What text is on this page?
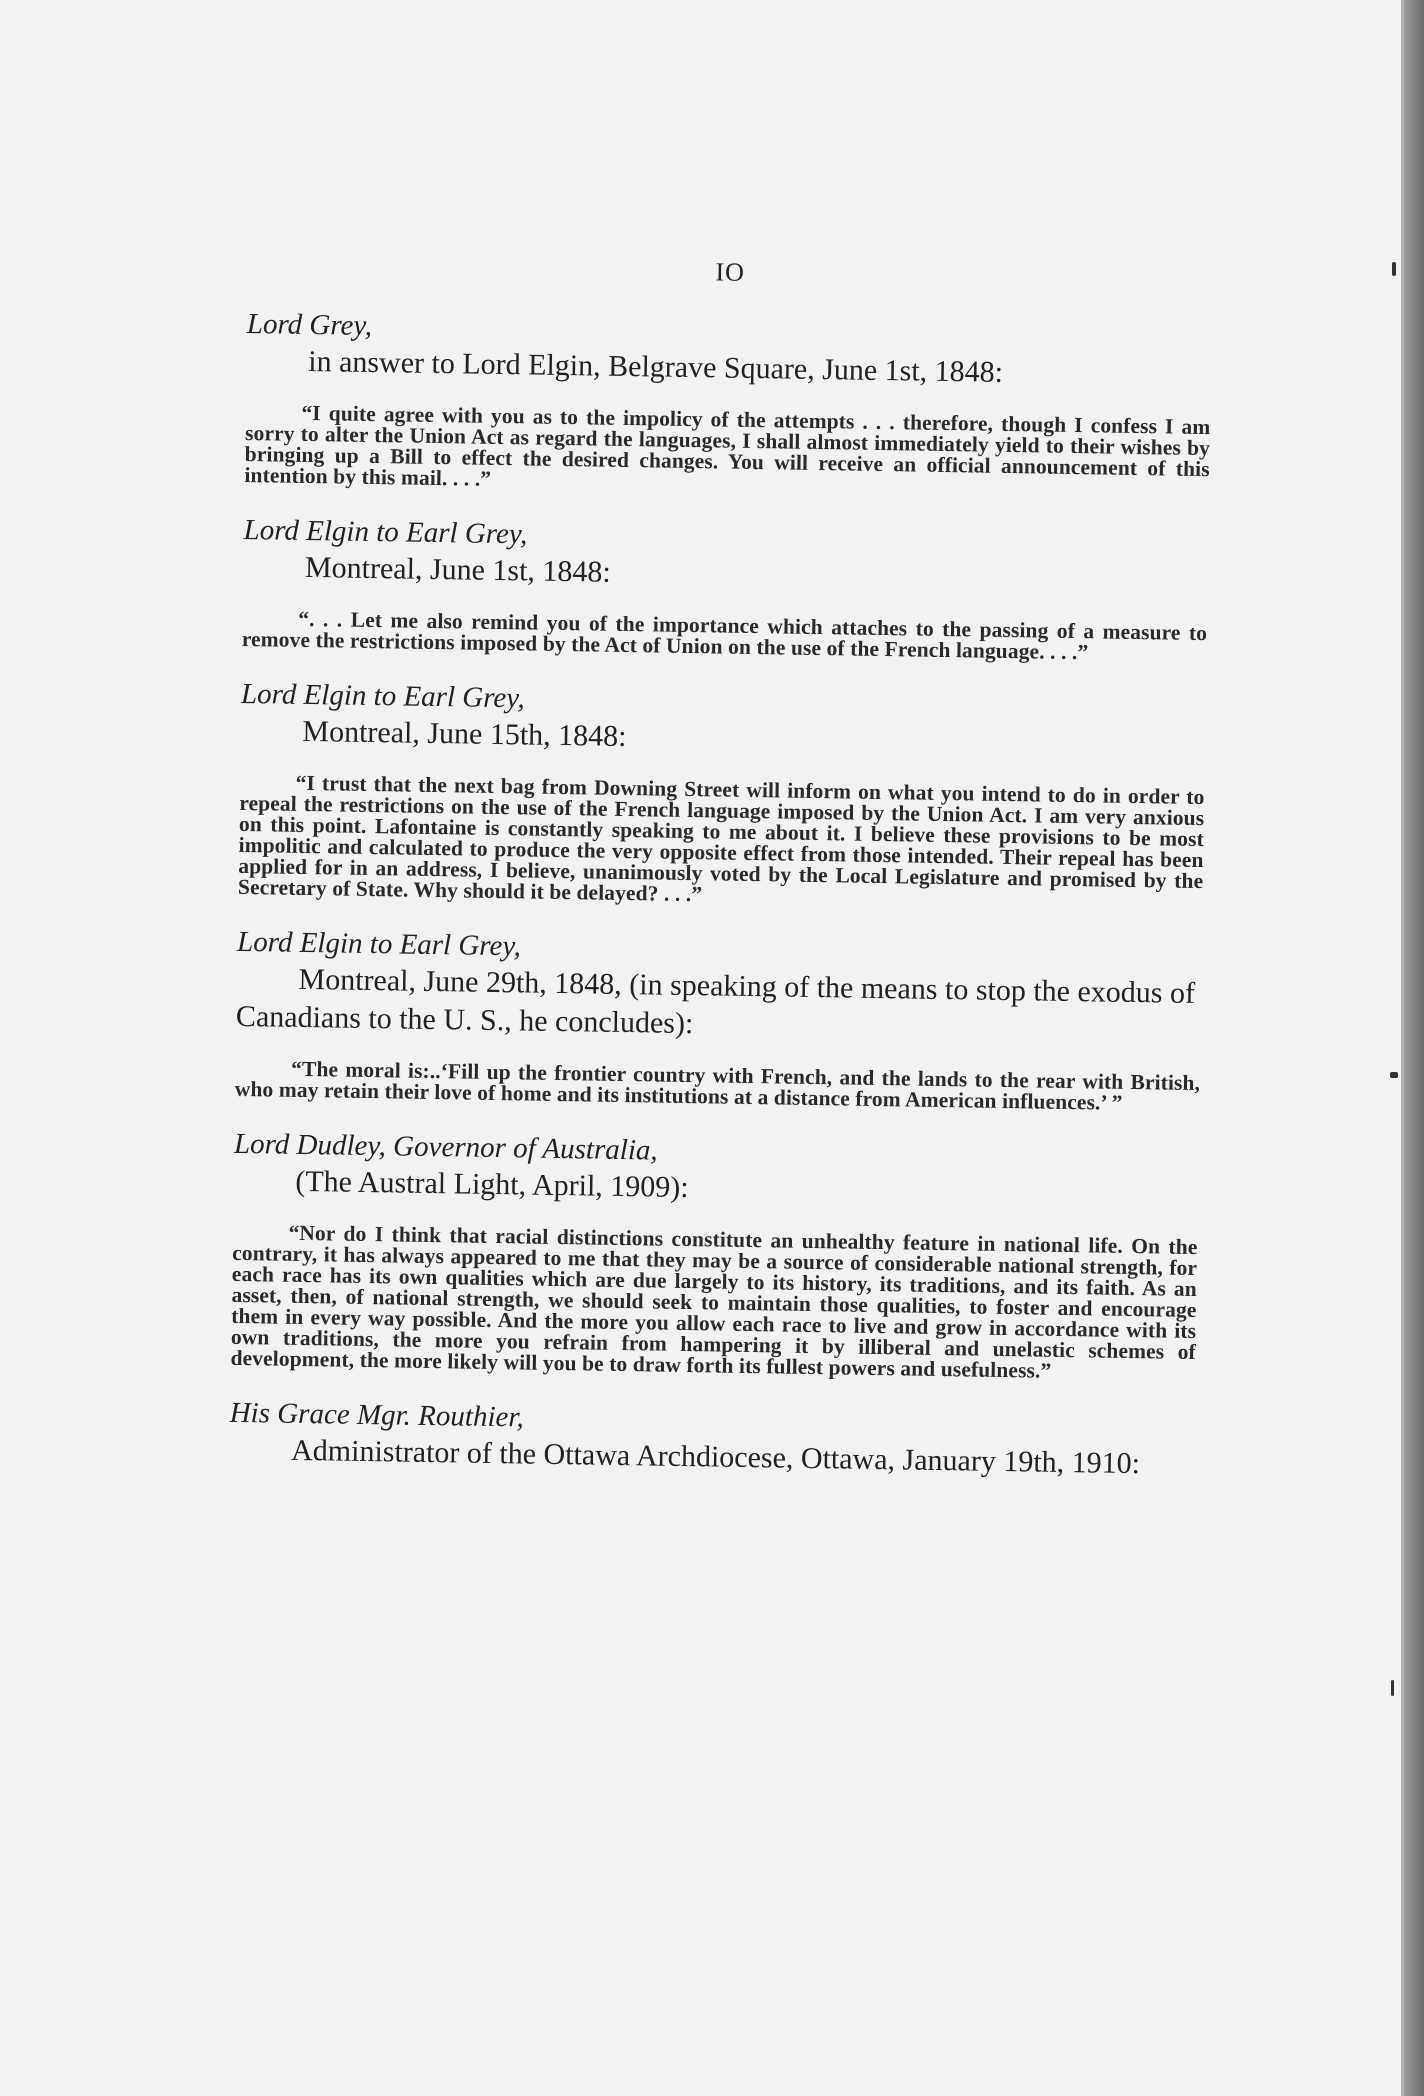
IO

Lord Grey,

in answer to Lord Elgin, Belgrave Square, June 1st, 1848:

“I quite agree with you as to the impolicy of the attempts . . . therefore, though I confess I am sorry to alter the Union Act as regard the languages, I shall almost immediately yield to their wishes by bringing up a Bill to effect the desired changes. You will receive an official announcement of this intention by this mail. . . .”

Lord Elgin to Earl Grey,

Montreal, June 1st, 1848:

“. . . Let me also remind you of the importance which attaches to the passing of a measure to remove the restrictions imposed by the Act of Union on the use of the French language. . . .”

Lord Elgin to Earl Grey,

Montreal, June 15th, 1848:

“I trust that the next bag from Downing Street will inform on what you intend to do in order to repeal the restrictions on the use of the French language imposed by the Union Act. I am very anxious on this point. Lafontaine is constantly speaking to me about it. I believe these provisions to be most impolitic and calculated to produce the very opposite effect from those intended. Their repeal has been applied for in an address, I believe, unanimously voted by the Local Legislature and promised by the Secretary of State. Why should it be delayed? . . .”

Lord Elgin to Earl Grey,

Montreal, June 29th, 1848, (in speaking of the means to stop the exodus of Canadians to the U. S., he concludes):

“The moral is:..‘Fill up the frontier country with French, and the lands to the rear with British, who may retain their love of home and its institutions at a distance from American influences.’ ”

Lord Dudley, Governor of Australia,

(The Austral Light, April, 1909):

“Nor do I think that racial distinctions constitute an unhealthy feature in national life. On the contrary, it has always appeared to me that they may be a source of considerable national strength, for each race has its own qualities which are due largely to its history, its traditions, and its faith. As an asset, then, of national strength, we should seek to maintain those qualities, to foster and encourage them in every way possible. And the more you allow each race to live and grow in accordance with its own traditions, the more you refrain from hampering it by illiberal and unelastic schemes of development, the more likely will you be to draw forth its fullest powers and usefulness.”

His Grace Mgr. Routhier,

Administrator of the Ottawa Archdiocese, Ottawa, January 19th, 1910:
